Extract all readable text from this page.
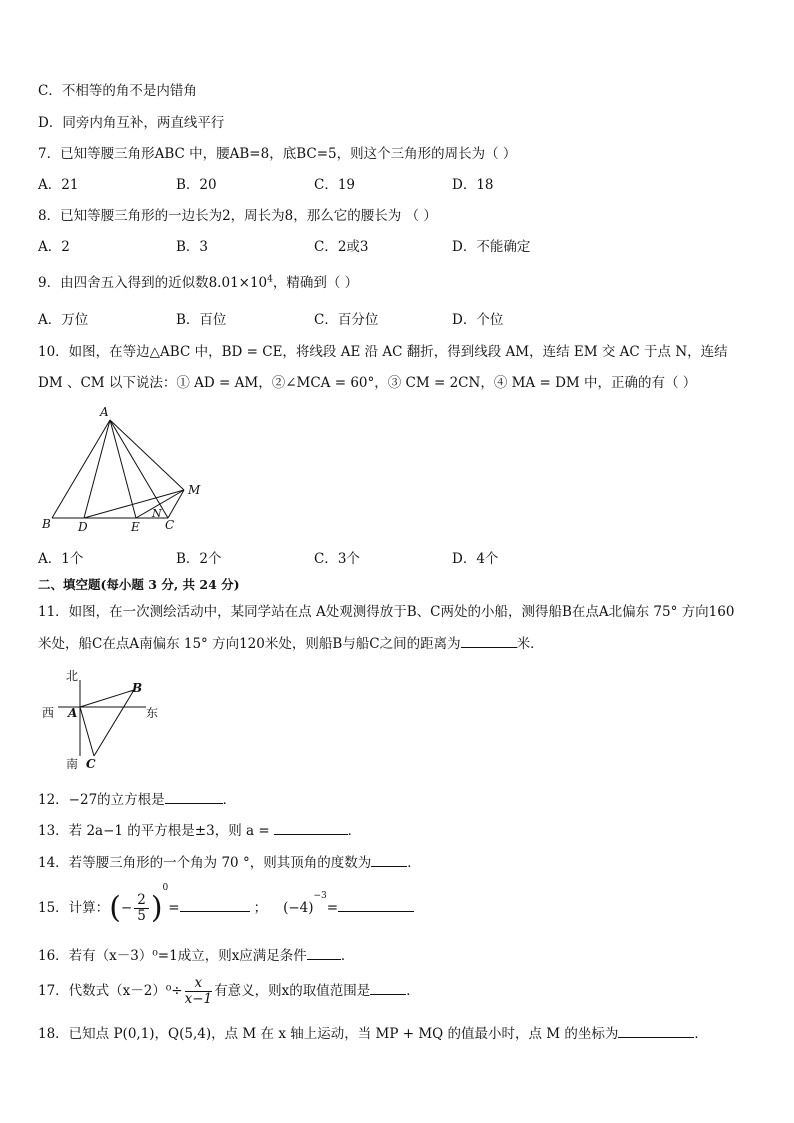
C．不相等的角不是内错角
D．同旁内角互补，两直线平行
7．已知等腰三角形ABC 中，腰AB=8，底BC=5，则这个三角形的周长为（ ）
A．21	B．20	C．19	D．18
8．已知等腰三角形的一边长为2，周长为8，那么它的腰长为 （ ）
A．2	B．3	C．2或3	D．不能确定
9．由四舍五入得到的近似数$8.01\times 10^4$，精确到（ ）
A．万位	B．百位	C．百分位	D．个位
10．如图，在等边△ABC 中，BD = CE，将线段 AE 沿 AC 翻折，得到线段 AM，连结 EM 交 AC 于点 N，连结
DM 、CM 以下说法：① AD = AM，②∠MCA = 60°，③ CM = 2CN，④ MA = DM 中，正确的有（ ）
A
B D	E
N
C
M
A．1个	B．2个	C．3个	D．4个
二、填空题(每小题 3 分, 共 24 分)
11．如图，在一次测绘活动中，某同学站在点 A处观测得放于B、C两处的小船，测得船B在点A北偏东 75° 方向160
米处，船C在点A南偏东 15° 方向120米处，则船B与船C之间的距离为	米．
北
西	东
南
A
B
C
12．−27的立方根是	．
13．若 2a−1 的平方根是±3，则 a =	．
14．若等腰三角形的一个角为 70 °，则其顶角的度数为	．
15．计算：(− $\frac{2}{5} )^0=$	； $(-4)^{-3}=$
16．若有（x－3）⁰=1成立，则x应满足条件	．
17．代数式$(x-2)^0\div \frac{x}{x-1}$ 有意义，则x的取值范围是	．
18．已知点 P(0,1)，Q(5,4)，点 M 在 x 轴上运动，当 MP + MQ 的值最小时，点 M 的坐标为	．
